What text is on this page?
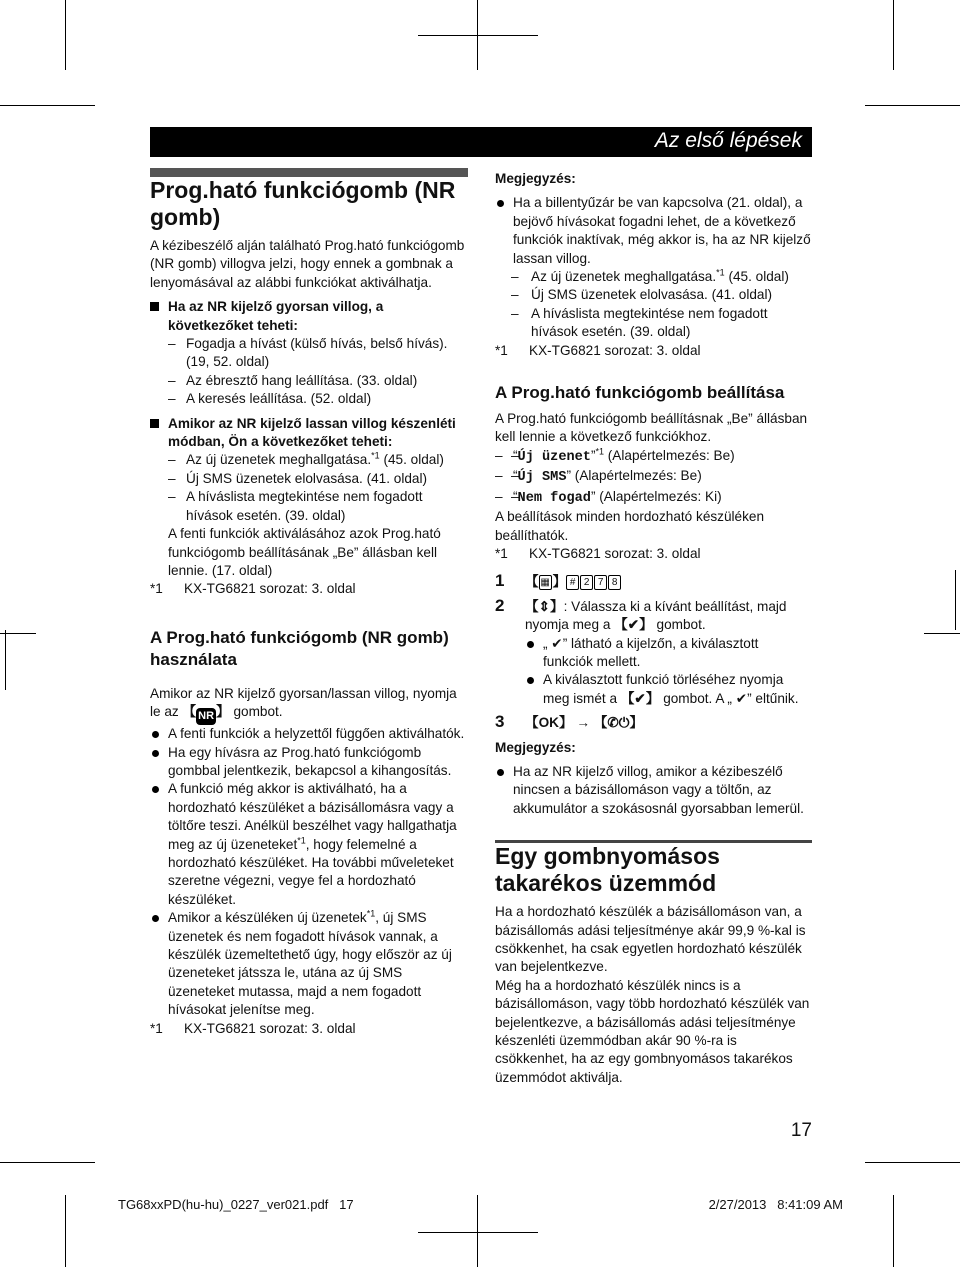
Az első lépések
Prog.ható funkciógomb (NR gomb)

A kézibeszélő alján található Prog.ható funkciógomb (NR gomb) villogva jelzi, hogy ennek a gombnak a lenyomásával az alábbi funkciókat aktiválhatja.

Ha az NR kijelző gyorsan villog, a következőket teheti:
– Fogadja a hívást (külső hívás, belső hívás).
(19, 52. oldal)
– Az ébresztő hang leállítása. (33. oldal)
– A keresés leállítása. (52. oldal)
Amikor az NR kijelző lassan villog készenléti módban, Ön a következőket teheti:
– Az új üzenetek meghallgatása.$^{*1}$ (45. oldal)
– Új SMS üzenetek elolvasása. (41. oldal)
– A híváslista megtekintése nem fogadott
hívások esetén. (39. oldal)
A fenti funkciók aktiválásához azok Prog.ható funkciógomb beállításának „Be” állásban kell lennie. (17. oldal)
*1 KX-TG6821 sorozat: 3. oldal
A Prog.ható funkciógomb (NR gomb) használata

Amikor az NR kijelző gyorsan/lassan villog, nyomja le az 【 NR 】 gombot.

A fenti funkciók a helyzettől függően aktiválhatók.
Ha egy hívásra az Prog.ható funkciógomb gombbal jelentkezik, bekapcsol a kihangosítás.
A funkció még akkor is aktiválható, ha a hordozható készüléket a bázisállomásra vagy a töltőre teszi. Anélkül beszélhet vagy hallgathatja meg az új üzeneteket$^{*1}$, hogy felemelné a hordozható készüléket. Ha további műveleteket szeretne végezni, vegye fel a hordozható készüléket.
Amikor a készüléken új üzenetek$^{*1}$, új SMS üzenetek és nem fogadott hívások vannak, a készülék üzemeltethető úgy, hogy először az új üzeneteket játssza le, utána az új SMS üzeneteket mutassa, majd a nem fogadott hívásokat jelenítse meg.
*1 KX-TG6821 sorozat: 3. oldal
Megjegyzés:
Ha a billentyűzár be van kapcsolva (21. oldal), a bejövő hívásokat fogadni lehet, de a következő funkciók inaktívak, még akkor is, ha az NR kijelző lassan villog.
– Az új üzenetek meghallgatása.$^{*1}$ (45. oldal)
– Új SMS üzenetek elolvasása. (41. oldal)
– A híváslista megtekintése nem fogadott
hívások esetén. (39. oldal)
*1 KX-TG6821 sorozat: 3. oldal
A Prog.ható funkciógomb beállítása

A Prog.ható funkciógomb beállításnak „Be” állásban kell lennie a következő funkciókhoz.

– – “Új üzenet”$^{*1}$ (Alapértelmezés: Be)
– – “Új SMS” (Alapértelmezés: Be)
– – “Nem fogad” (Alapértelmezés: Ki)

A beállítások minden hordozható készüléken beállíthatók.

*1 KX-TG6821 sorozat: 3. oldal
1 【 ▦ 】 # 2 7 8
2 【⇕】: Válassza ki a kívánt beállítást, majd nyomja meg a 【✔】 gombot.
„ ✔” látható a kijelzőn, a kiválasztott funkciók mellett.
A kiválasztott funkció törléséhez nyomja meg ismét a 【✔】 gombot. A „ ✔” eltűnik.
3 【OK】 → 【✆⏻】
Megjegyzés:
Ha az NR kijelző villog, amikor a kézibeszélő nincsen a bázisállomáson vagy a töltőn, az akkumulátor a szokásosnál gyorsabban lemerül.
Egy gombnyomásos takarékos üzemmód

Ha a hordozható készülék a bázisállomáson van, a bázisállomás adási teljesítménye akár 99,9 %-kal is csökkenhet, ha csak egyetlen hordozható készülék van bejelentkezve.

Még ha a hordozható készülék nincs is a bázisállomáson, vagy több hordozható készülék van bejelentkezve, a bázisállomás adási teljesítménye készenléti üzemmódban akár 90 %-ra is csökkenhet, ha az egy gombnyomásos takarékos üzemmódot aktiválja.

17
TG68xxPD(hu-hu)_0227_ver021.pdf   17	2/27/2013   8:41:09 AM
